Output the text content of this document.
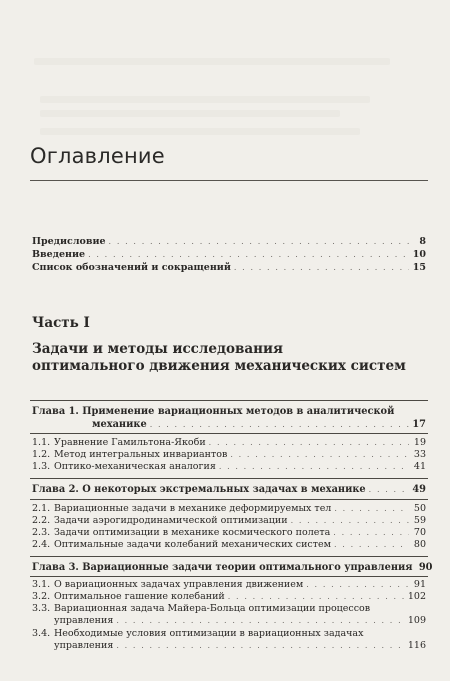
Оглавление
Предисловие . . .	8
Введение . . .	10
Список обозначений и сокращений . . .	15
Часть I
Задачи и методы исследования
оптимального движения механических систем
Глава 1. Применение вариационных методов в аналитической
механике . . .	17
1.1. Уравнение Гамильтона-Якоби . . .	19
1.2. Метод интегральных инвариантов . . .	33
1.3. Оптико-механическая аналогия . . .	41
Глава 2. О некоторых экстремальных задачах в механике . . .	49
2.1. Вариационные задачи в механике деформируемых тел . . .	50
2.2. Задачи аэрогидродинамической оптимизации . . .	59
2.3. Задачи оптимизации в механике космического полета . . .	70
2.4. Оптимальные задачи колебаний механических систем . . .	80
Глава 3. Вариационные задачи теории оптимального управления 90
3.1. О вариационных задачах управления движением . . .	91
3.2. Оптимальное гашение колебаний . . .	102
3.3. Вариационная задача Майера-Больца оптимизации процессов
управления . . .	109
3.4. Необходимые условия оптимизации в вариационных задачах
управления . . .	116
